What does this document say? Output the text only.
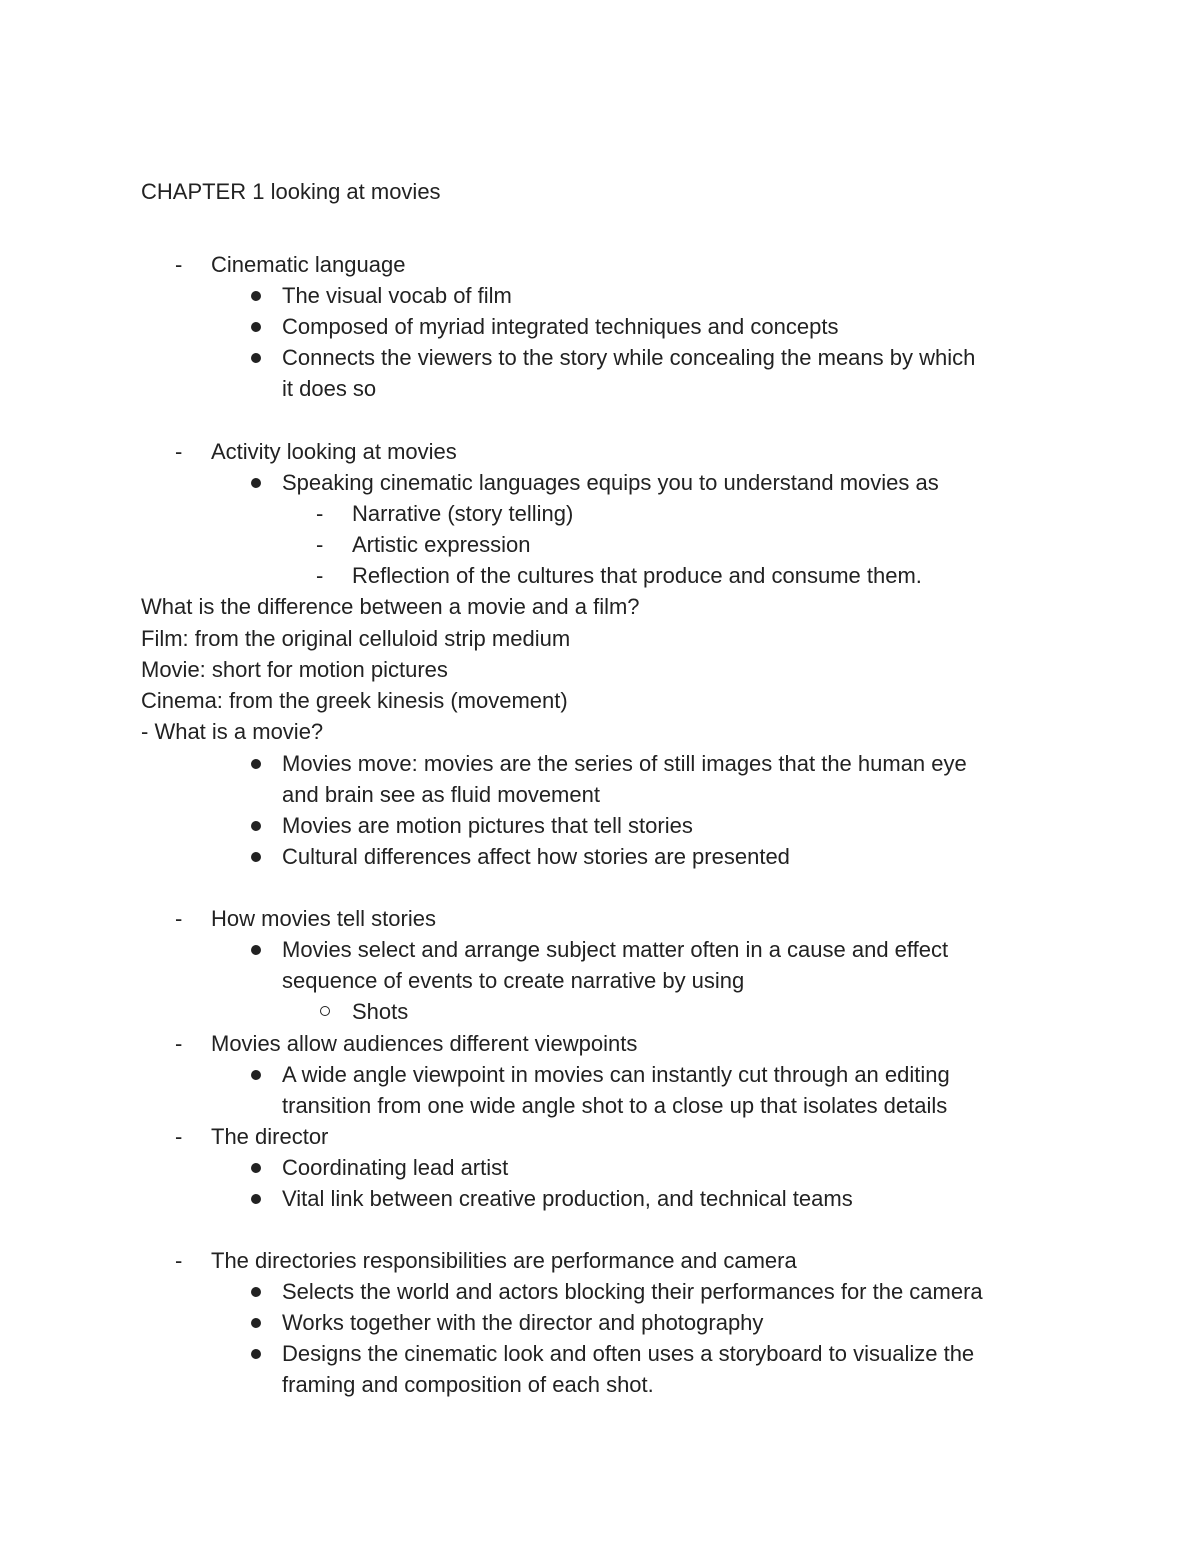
CHAPTER 1 looking at movies
- Cinematic language
The visual vocab of film
Composed of myriad integrated techniques and concepts
Connects the viewers to the story while concealing the means by which
it does so
- Activity looking at movies
Speaking cinematic languages equips you to understand movies as
- Narrative (story telling)
- Artistic expression
- Reflection of the cultures that produce and consume them.
What is the difference between a movie and a film?
Film: from the original celluloid strip medium
Movie: short for motion pictures
Cinema: from the greek kinesis (movement)
- What is a movie?
Movies move: movies are the series of still images that the human eye
and brain see as fluid movement
Movies are motion pictures that tell stories
Cultural differences affect how stories are presented
- How movies tell stories
Movies select and arrange subject matter often in a cause and effect
sequence of events to create narrative by using
Shots
- Movies allow audiences different viewpoints
A wide angle viewpoint in movies can instantly cut through an editing
transition from one wide angle shot to a close up that isolates details
- The director
Coordinating lead artist
Vital link between creative production, and technical teams
- The directories responsibilities are performance and camera
Selects the world and actors blocking their performances for the camera
Works together with the director and photography
Designs the cinematic look and often uses a storyboard to visualize the
framing and composition of each shot.
